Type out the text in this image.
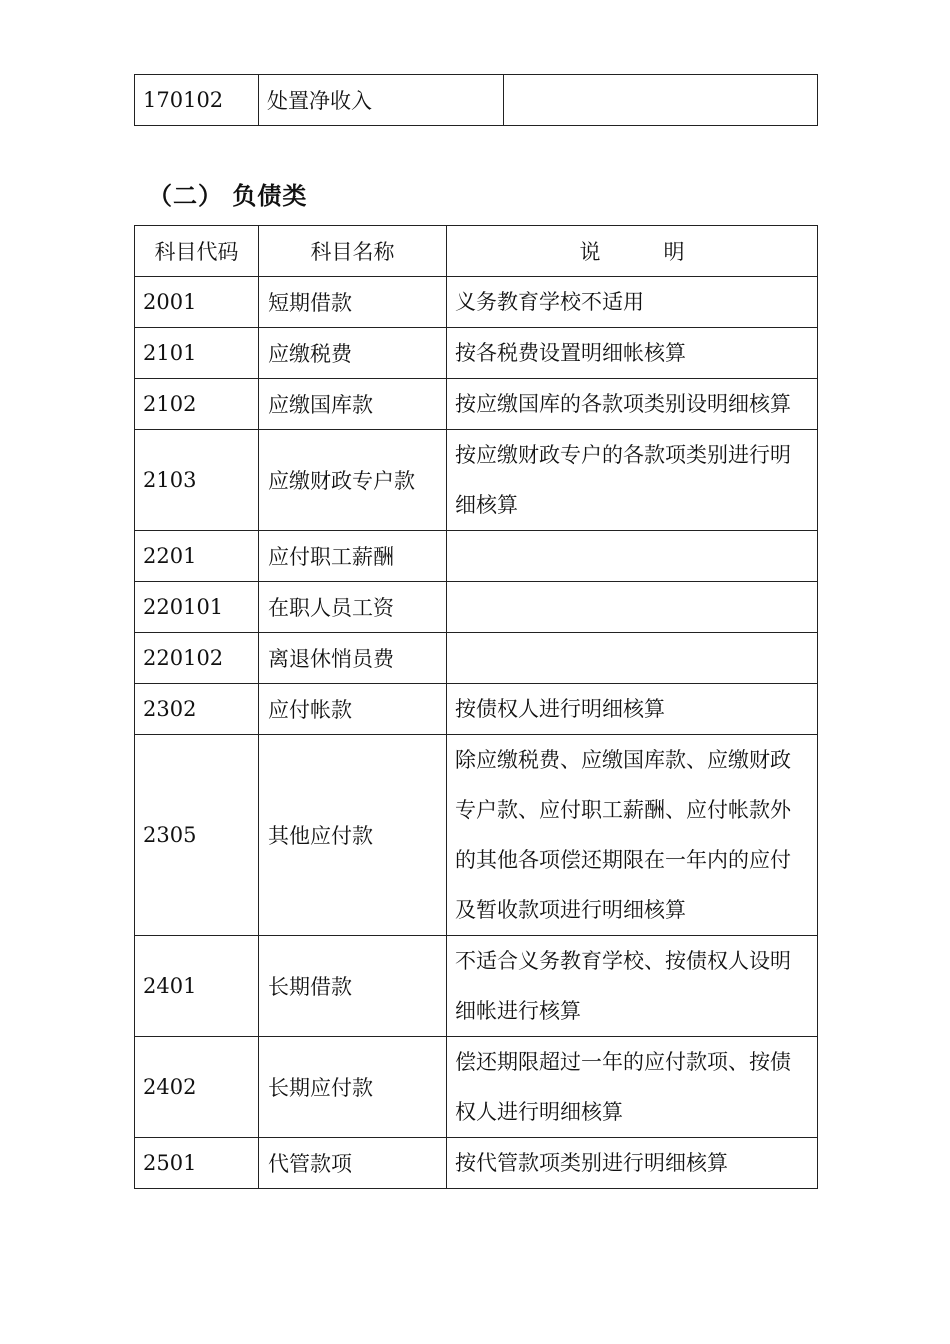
170102	处置净收入	
（二） 负债类
科目代码	科目名称	说　　　明
2001	短期借款	义务教育学校不适用
2101	应缴税费	按各税费设置明细帐核算
2102	应缴国库款	按应缴国库的各款项类别设明细核算
2103	应缴财政专户款	按应缴财政专户的各款项类别进行明细核算
2201	应付职工薪酬	
220101	在职人员工资	
220102	离退休悄员费	
2302	应付帐款	按债权人进行明细核算
2305	其他应付款	除应缴税费、应缴国库款、应缴财政专户款、应付职工薪酬、应付帐款外的其他各项偿还期限在一年内的应付及暂收款项进行明细核算
2401	长期借款	不适合义务教育学校、按债权人设明细帐进行核算
2402	长期应付款	偿还期限超过一年的应付款项、按债权人进行明细核算
2501	代管款项	按代管款项类别进行明细核算
